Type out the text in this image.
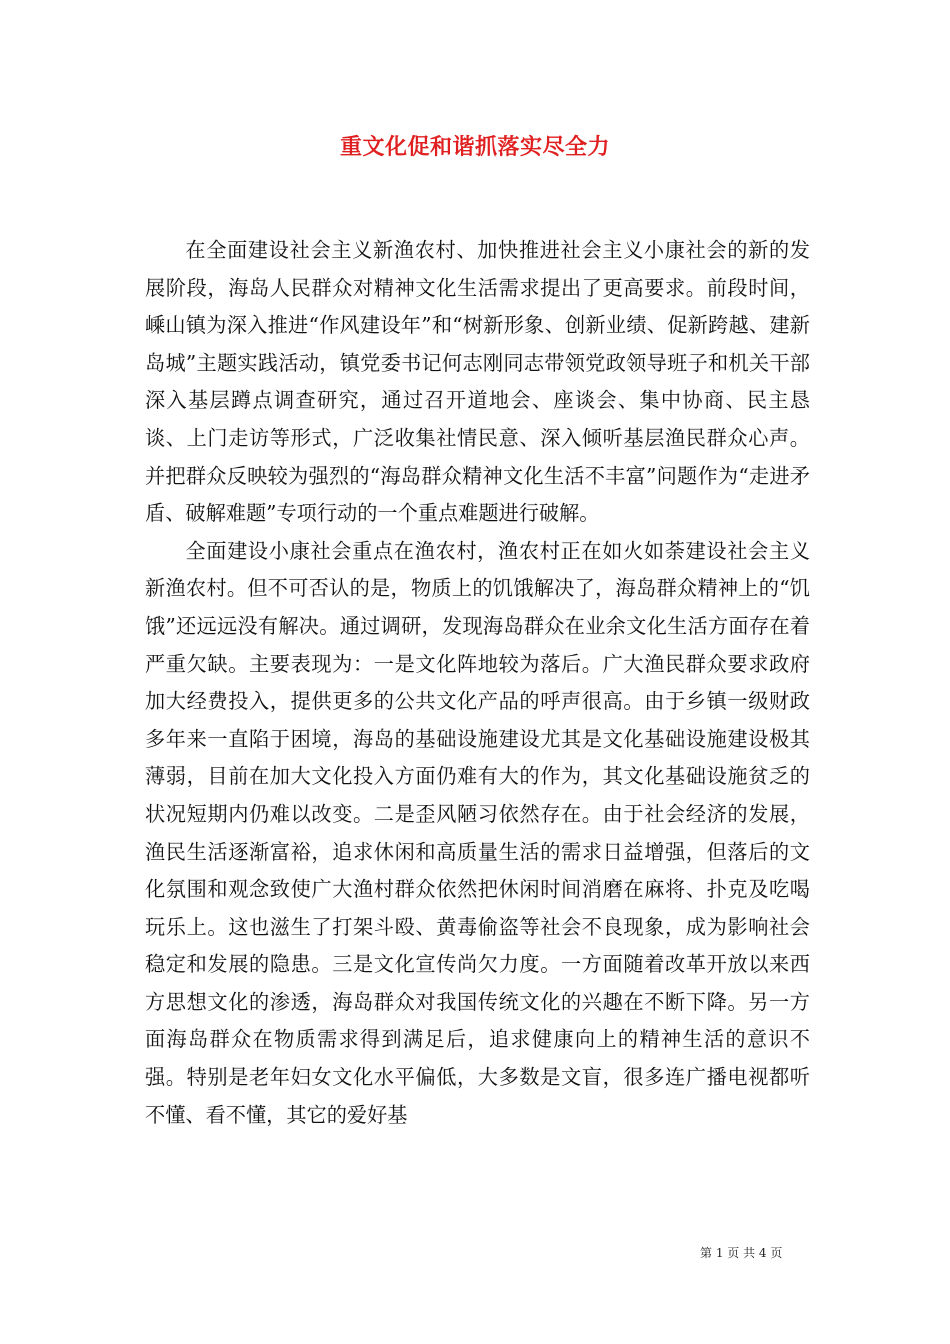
重文化促和谐抓落实尽全力

在全面建设社会主义新渔农村、加快推进社会主义小康社会的新的发展阶段，海岛人民群众对精神文化生活需求提出了更高要求。前段时间，嵊山镇为深入推进“作风建设年”和“树新形象、创新业绩、促新跨越、建新岛城”主题实践活动，镇党委书记何志刚同志带领党政领导班子和机关干部深入基层蹲点调查研究，通过召开道地会、座谈会、集中协商、民主恳谈、上门走访等形式，广泛收集社情民意、深入倾听基层渔民群众心声。并把群众反映较为强烈的“海岛群众精神文化生活不丰富”问题作为“走进矛盾、破解难题”专项行动的一个重点难题进行破解。

全面建设小康社会重点在渔农村，渔农村正在如火如荼建设社会主义新渔农村。但不可否认的是，物质上的饥饿解决了，海岛群众精神上的“饥饿”还远远没有解决。通过调研，发现海岛群众在业余文化生活方面存在着严重欠缺。主要表现为：一是文化阵地较为落后。广大渔民群众要求政府加大经费投入，提供更多的公共文化产品的呼声很高。由于乡镇一级财政多年来一直陷于困境，海岛的基础设施建设尤其是文化基础设施建设极其薄弱，目前在加大文化投入方面仍难有大的作为，其文化基础设施贫乏的状况短期内仍难以改变。二是歪风陋习依然存在。由于社会经济的发展，渔民生活逐渐富裕，追求休闲和高质量生活的需求日益增强，但落后的文化氛围和观念致使广大渔村群众依然把休闲时间消磨在麻将、扑克及吃喝玩乐上。这也滋生了打架斗殴、黄毒偷盗等社会不良现象，成为影响社会稳定和发展的隐患。三是文化宣传尚欠力度。一方面随着改革开放以来西方思想文化的渗透，海岛群众对我国传统文化的兴趣在不断下降。另一方面海岛群众在物质需求得到满足后，追求健康向上的精神生活的意识不强。特别是老年妇女文化水平偏低，大多数是文盲，很多连广播电视都听不懂、看不懂，其它的爱好基

第 1 页 共 4 页
